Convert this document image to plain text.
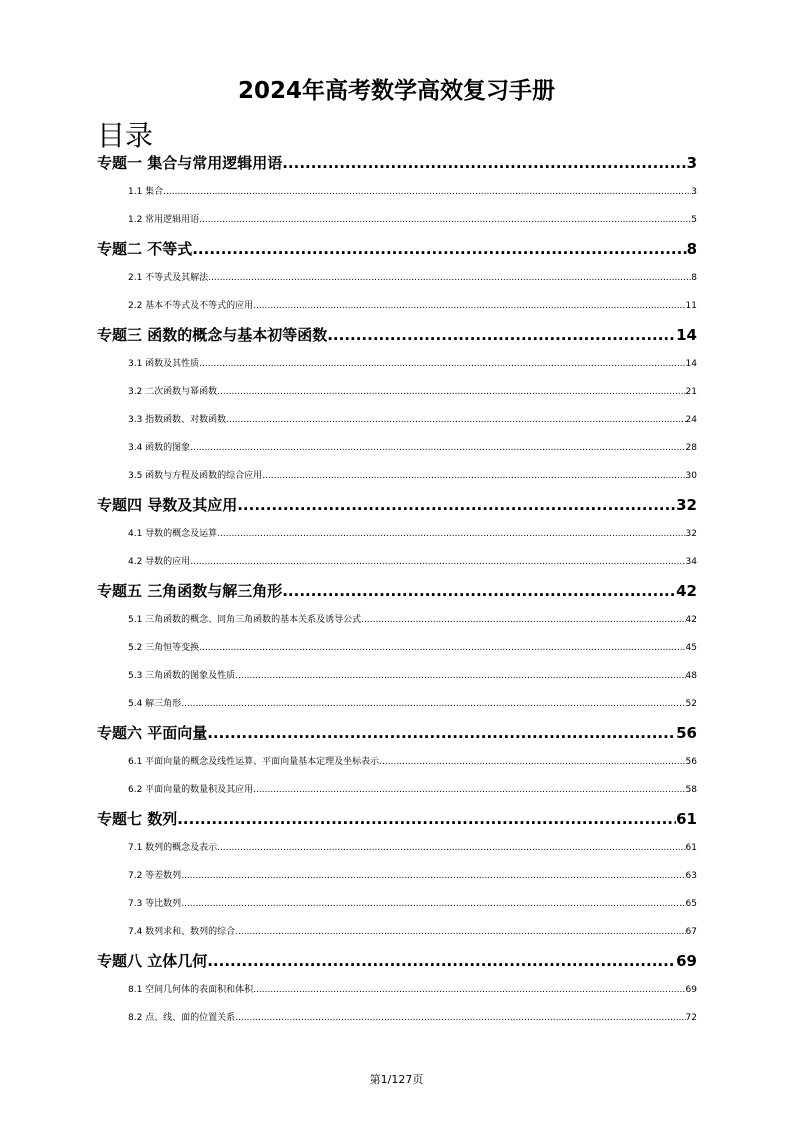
2024年高考数学高效复习手册
目录
专题一 集合与常用逻辑用语 .....	3
1.1 集合 .....	3
1.2 常用逻辑用语 .....	5
专题二 不等式 .....	8
2.1 不等式及其解法 .....	8
2.2 基本不等式及不等式的应用 .....	11
专题三 函数的概念与基本初等函数 .....	14
3.1 函数及其性质 .....	14
3.2 二次函数与幂函数 .....	21
3.3 指数函数、对数函数 .....	24
3.4 函数的图象 .....	28
3.5 函数与方程及函数的综合应用 .....	30
专题四 导数及其应用 .....	32
4.1 导数的概念及运算 .....	32
4.2 导数的应用 .....	34
专题五 三角函数与解三角形 .....	42
5.1 三角函数的概念、同角三角函数的基本关系及诱导公式 .....	42
5.2 三角恒等变换 .....	45
5.3 三角函数的图象及性质 .....	48
5.4 解三角形 .....	52
专题六 平面向量 .....	56
6.1 平面向量的概念及线性运算、平面向量基本定理及坐标表示 .....	56
6.2 平面向量的数量积及其应用 .....	58
专题七 数列 .....	61
7.1 数列的概念及表示 .....	61
7.2 等差数列 .....	63
7.3 等比数列 .....	65
7.4 数列求和、数列的综合 .....	67
专题八 立体几何 .....	69
8.1 空间几何体的表面积和体积 .....	69
8.2 点、线、面的位置关系 .....	72
第1/127页
